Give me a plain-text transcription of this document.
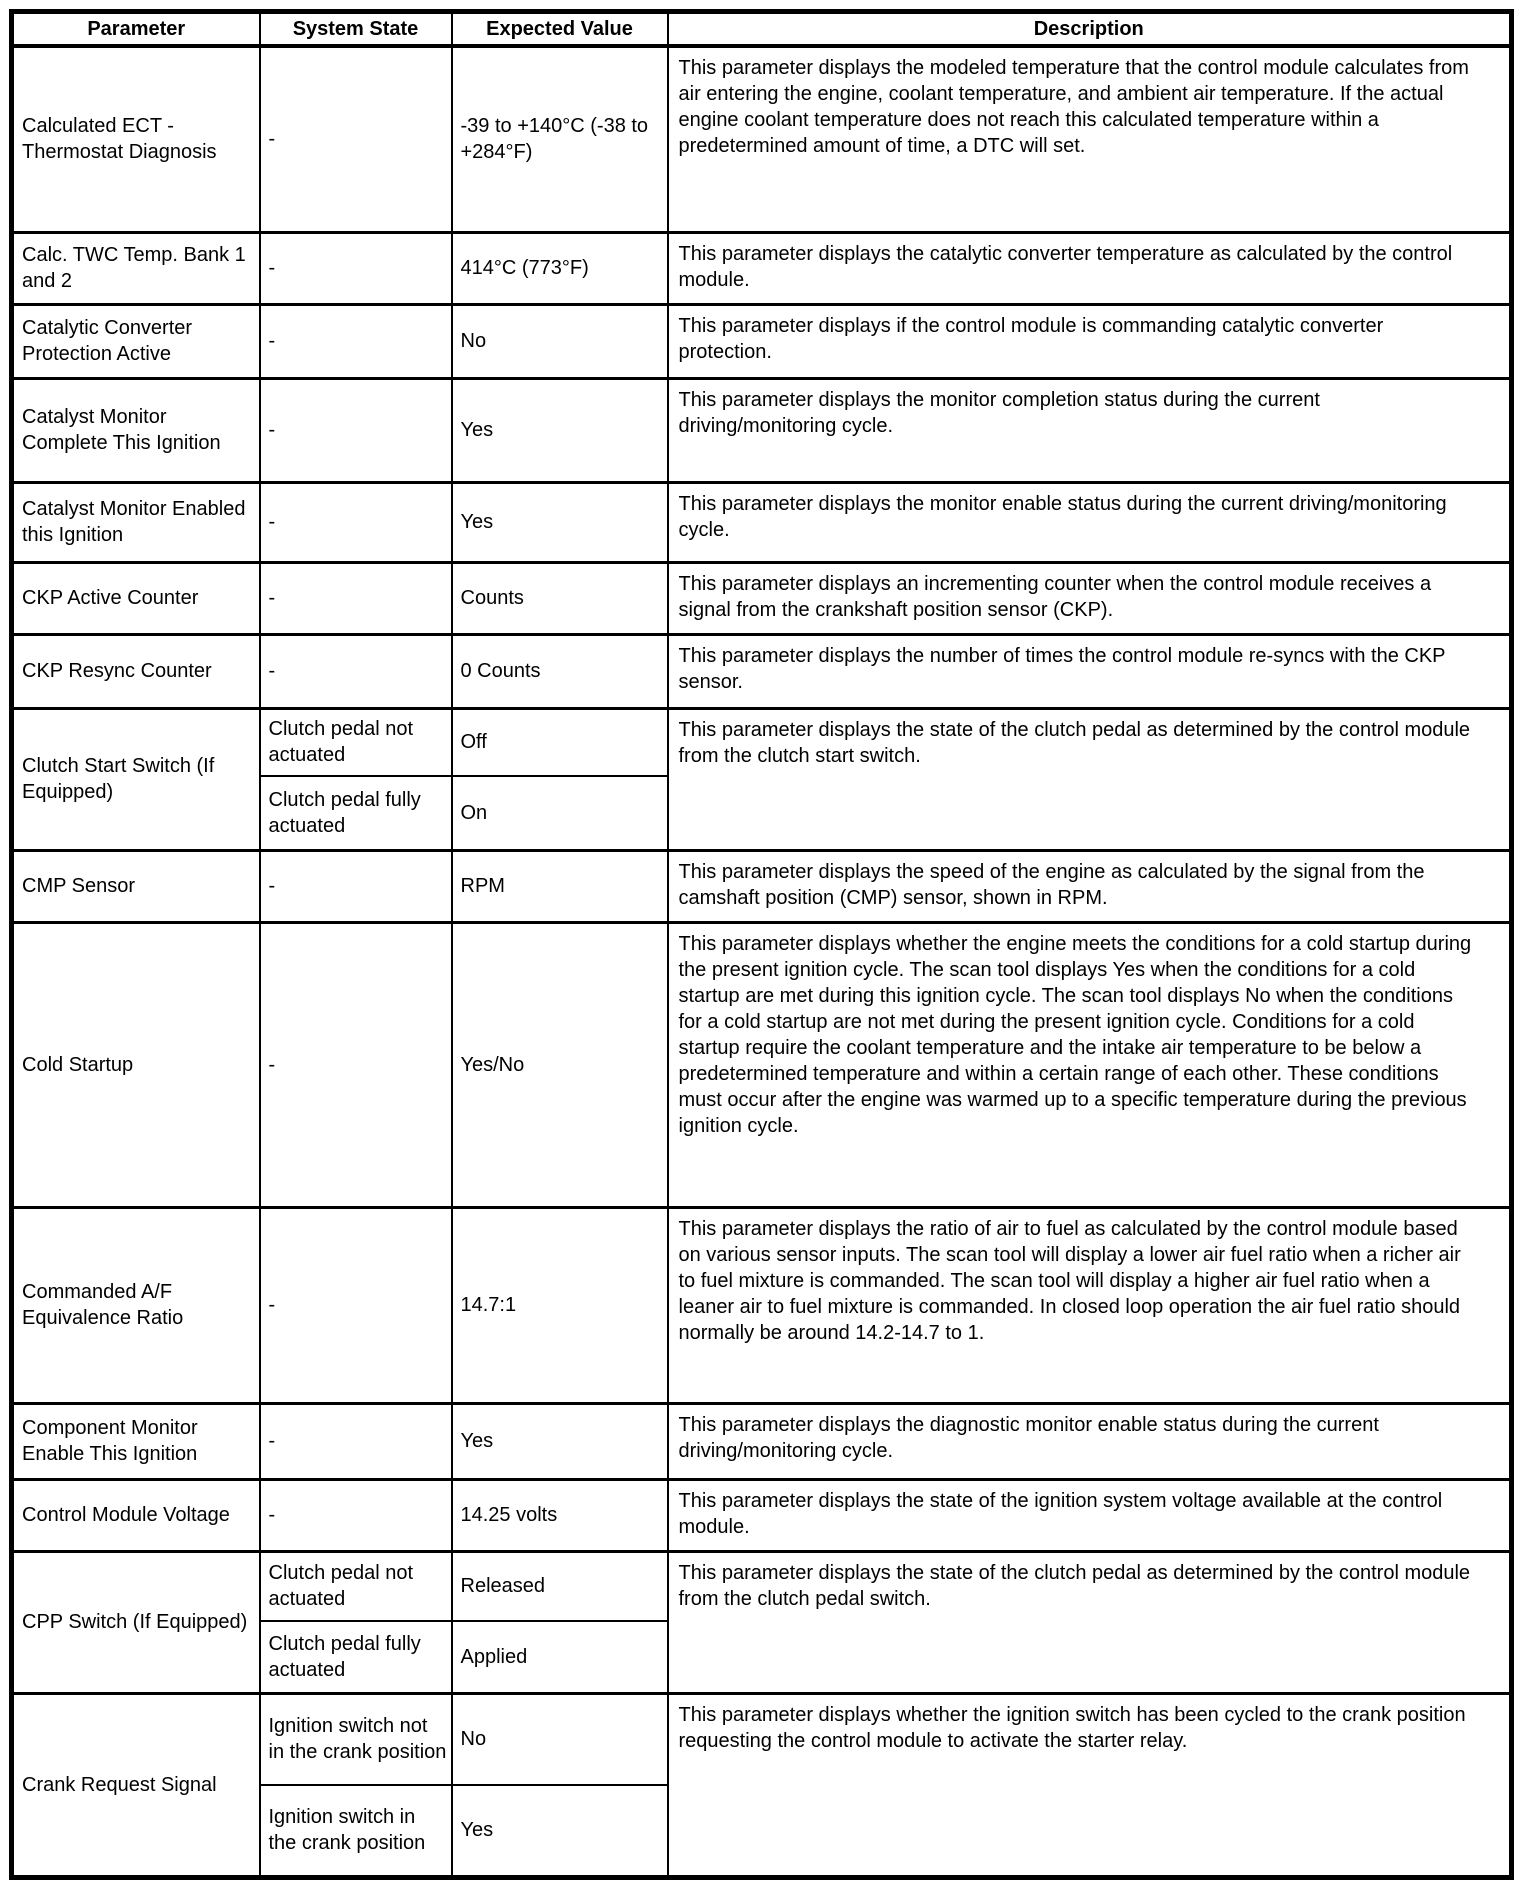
Parameter	System State	Expected Value	Description
Calculated ECT - Thermostat Diagnosis	-	-39 to +140°C (-38 to +284°F)	This parameter displays the modeled temperature that the control module calculates from air entering the engine, coolant temperature, and ambient air temperature. If the actual engine coolant temperature does not reach this calculated temperature within a predetermined amount of time, a DTC will set.
Calc. TWC Temp. Bank 1 and 2	-	414°C (773°F)	This parameter displays the catalytic converter temperature as calculated by the control module.
Catalytic Converter Protection Active	-	No	This parameter displays if the control module is commanding catalytic converter protection.
Catalyst Monitor Complete This Ignition	-	Yes	This parameter displays the monitor completion status during the current driving/monitoring cycle.
Catalyst Monitor Enabled this Ignition	-	Yes	This parameter displays the monitor enable status during the current driving/monitoring cycle.
CKP Active Counter	-	Counts	This parameter displays an incrementing counter when the control module receives a signal from the crankshaft position sensor (CKP).
CKP Resync Counter	-	0 Counts	This parameter displays the number of times the control module re-syncs with the CKP sensor.
Clutch Start Switch (If Equipped)	Clutch pedal not actuated	Off	This parameter displays the state of the clutch pedal as determined by the control module from the clutch start switch.
	Clutch pedal fully actuated	On	
CMP Sensor	-	RPM	This parameter displays the speed of the engine as calculated by the signal from the camshaft position (CMP) sensor, shown in RPM.
Cold Startup	-	Yes/No	This parameter displays whether the engine meets the conditions for a cold startup during the present ignition cycle. The scan tool displays Yes when the conditions for a cold startup are met during this ignition cycle. The scan tool displays No when the conditions for a cold startup are not met during the present ignition cycle. Conditions for a cold startup require the coolant temperature and the intake air temperature to be below a predetermined temperature and within a certain range of each other. These conditions must occur after the engine was warmed up to a specific temperature during the previous ignition cycle.
Commanded A/F Equivalence Ratio	-	14.7:1	This parameter displays the ratio of air to fuel as calculated by the control module based on various sensor inputs. The scan tool will display a lower air fuel ratio when a richer air to fuel mixture is commanded. The scan tool will display a higher air fuel ratio when a leaner air to fuel mixture is commanded. In closed loop operation the air fuel ratio should normally be around 14.2-14.7 to 1.
Component Monitor Enable This Ignition	-	Yes	This parameter displays the diagnostic monitor enable status during the current driving/monitoring cycle.
Control Module Voltage	-	14.25 volts	This parameter displays the state of the ignition system voltage available at the control module.
CPP Switch (If Equipped)	Clutch pedal not actuated	Released	This parameter displays the state of the clutch pedal as determined by the control module from the clutch pedal switch.
	Clutch pedal fully actuated	Applied	
Crank Request Signal	Ignition switch not in the crank position	No	This parameter displays whether the ignition switch has been cycled to the crank position requesting the control module to activate the starter relay.
	Ignition switch in the crank position	Yes	
